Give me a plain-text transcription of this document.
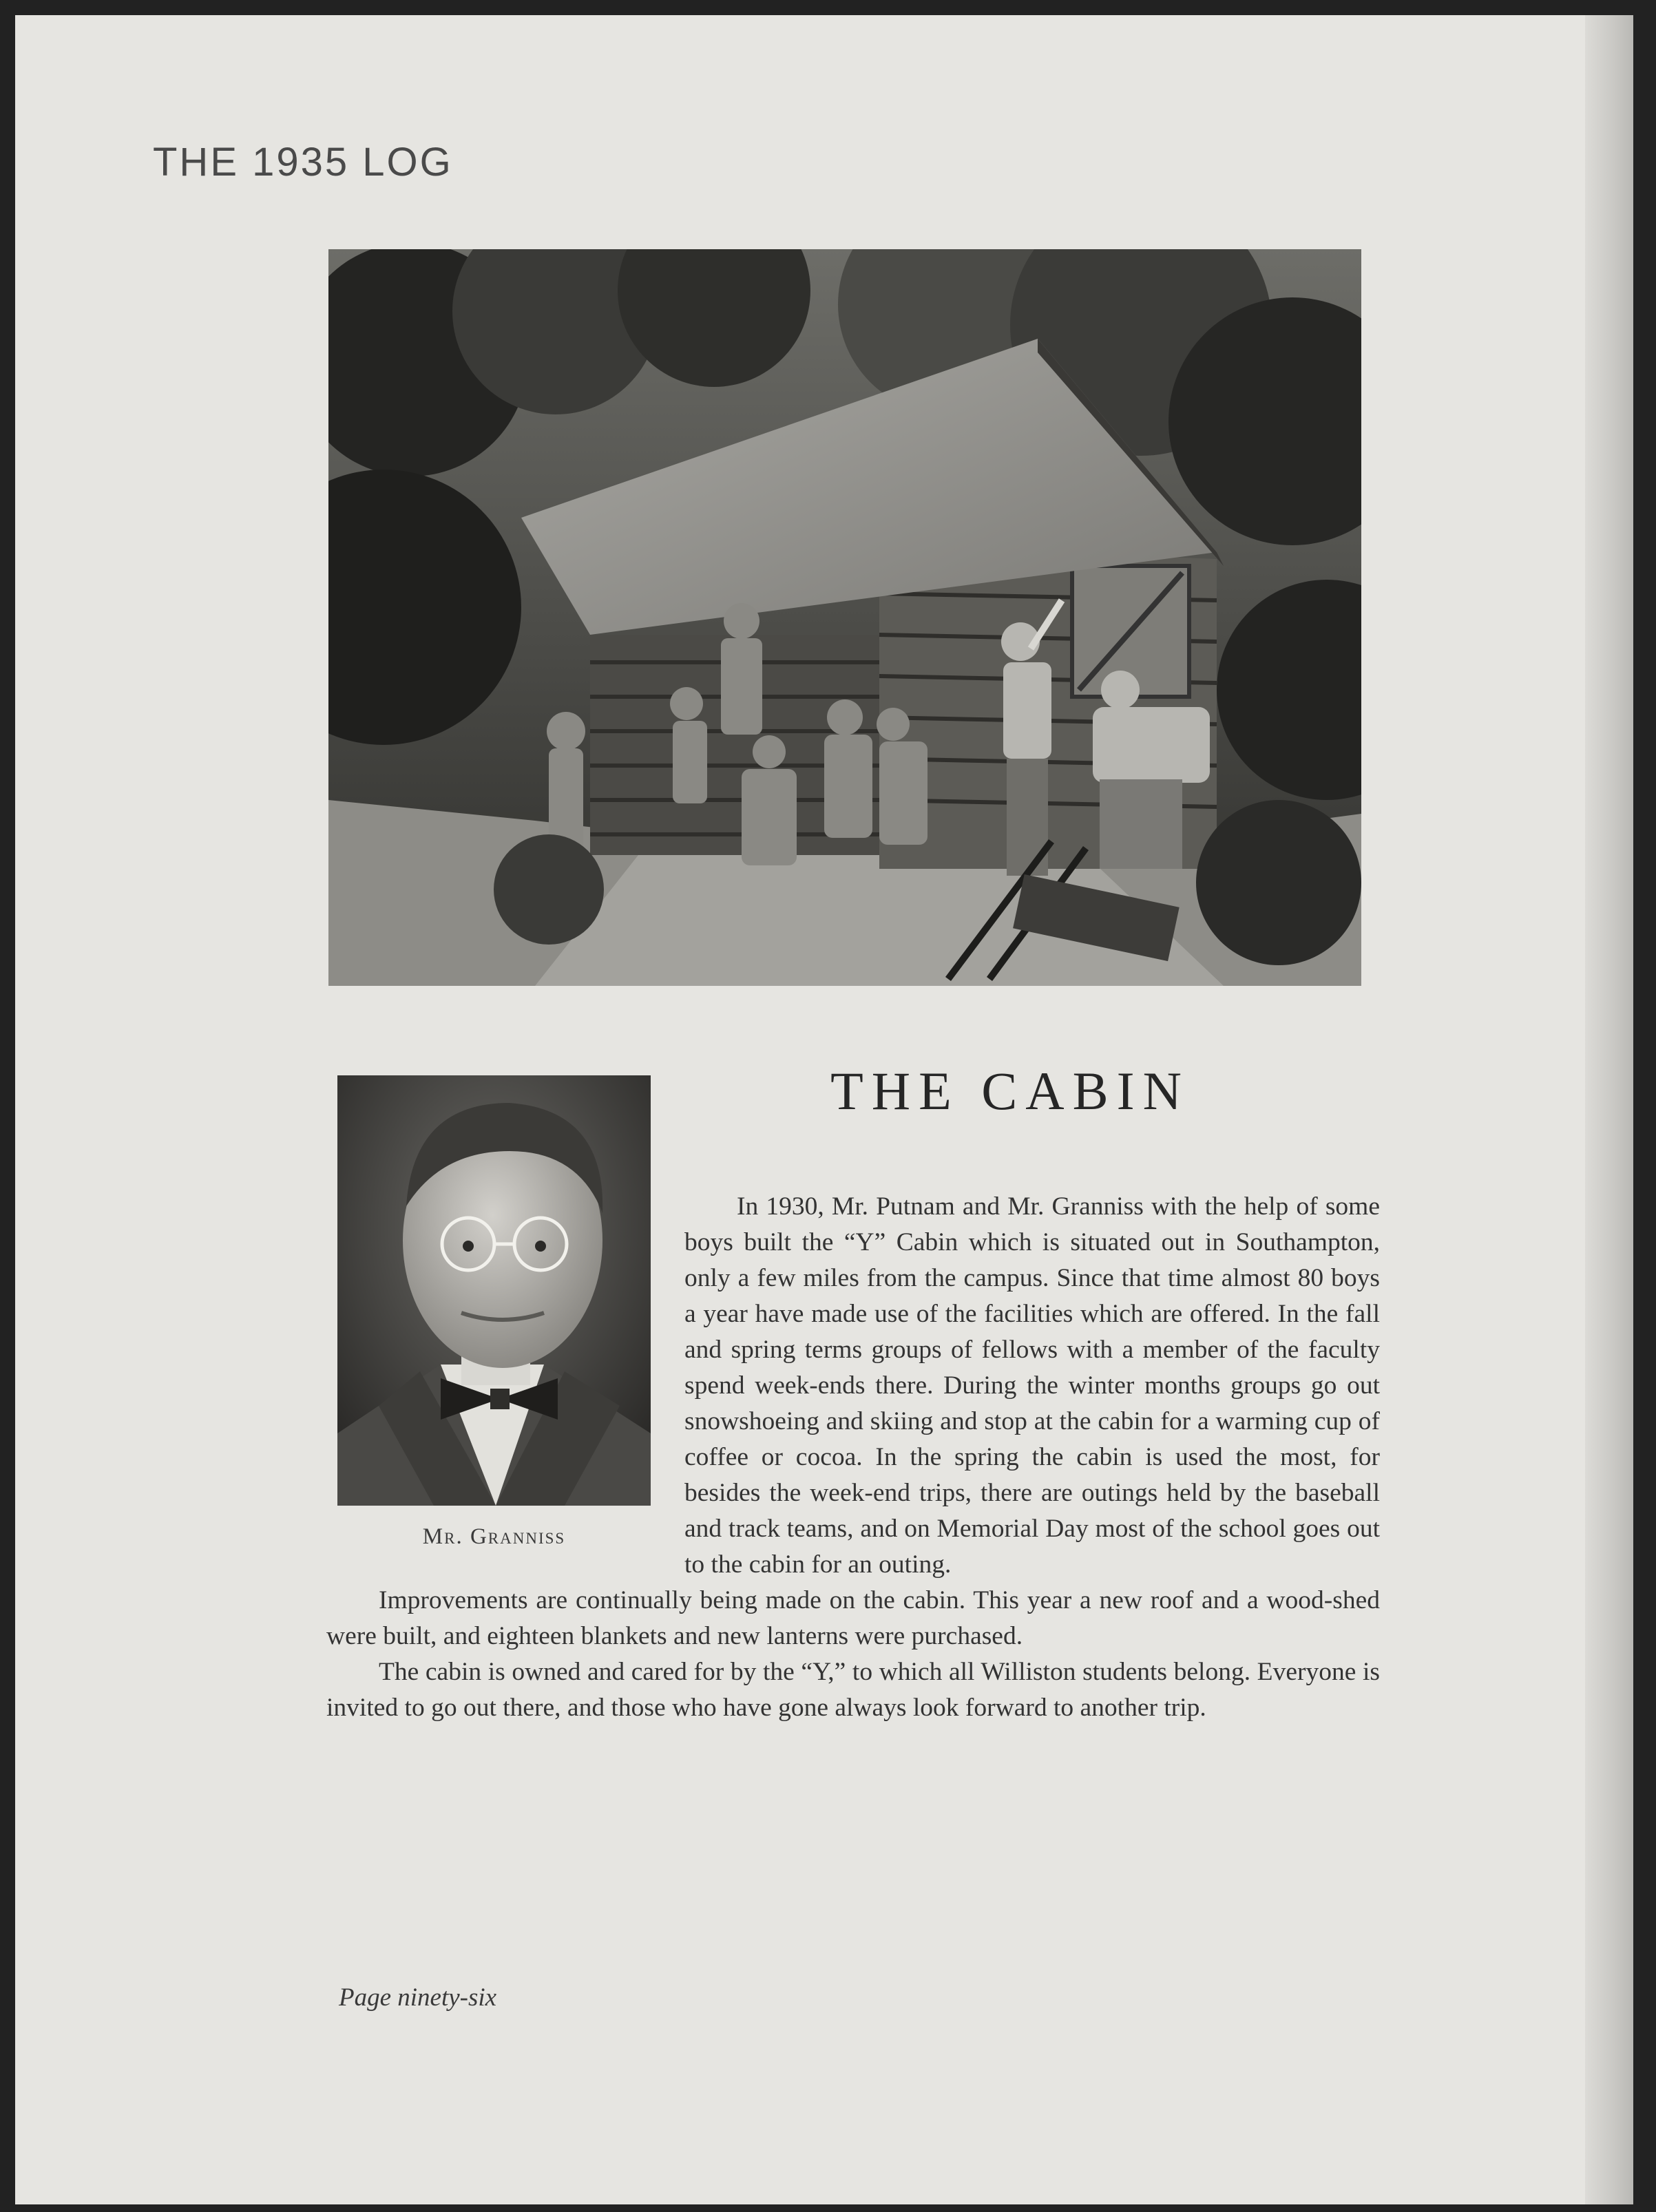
THE 1935 LOG
THE CABIN
Mr. Granniss

In 1930, Mr. Putnam and Mr. Granniss with the help of some boys built the “Y” Cabin which is situated out in Southampton, only a few miles from the campus. Since that time almost 80 boys a year have made use of the facilities which are offered. In the fall and spring terms groups of fellows with a member of the faculty spend week-ends there. During the winter months groups go out snowshoeing and skiing and stop at the cabin for a warming cup of coffee or cocoa. In the spring the cabin is used the most, for besides the week-end trips, there are outings held by the baseball and track teams, and on Memorial Day most of the school goes out to the cabin for an outing.

Improvements are continually being made on the cabin. This year a new roof and a wood-shed were built, and eighteen blankets and new lanterns were purchased.

The cabin is owned and cared for by the “Y,” to which all Williston students belong. Everyone is invited to go out there, and those who have gone always look forward to another trip.

Page ninety-six
